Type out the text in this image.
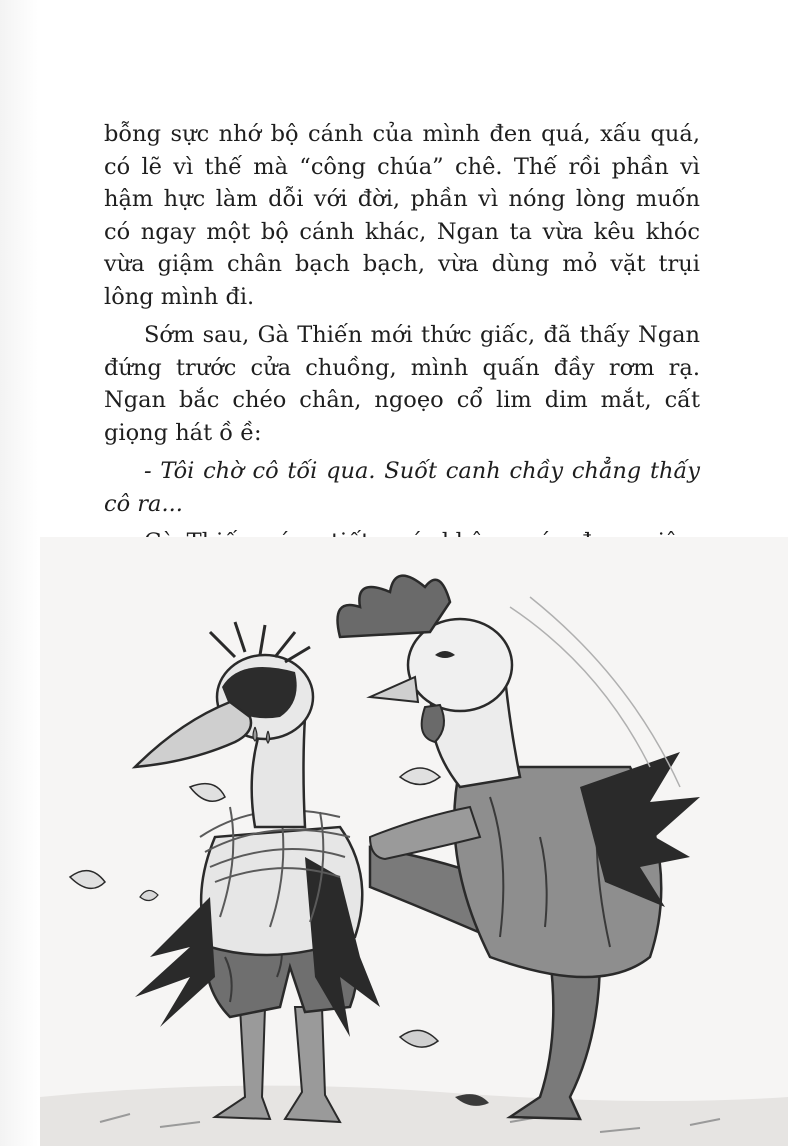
bỗng sực nhớ bộ cánh của mình đen quá, xấu quá, có lẽ vì thế mà “công chúa” chê. Thế rồi phần vì hậm hực làm dỗi với đời, phần vì nóng lòng muốn có ngay một bộ cánh khác, Ngan ta vừa kêu khóc vừa giậm chân bạch bạch, vừa dùng mỏ vặt trụi lông mình đi.

Sớm sau, Gà Thiến mới thức giấc, đã thấy Ngan đứng trước cửa chuồng, mình quấn đầy rơm rạ. Ngan bắc chéo chân, ngoẹo cổ lim dim mắt, cất giọng hát ồ ề:

- Tôi chờ cô tối qua. Suốt canh chầy chẳng thấy cô ra...
